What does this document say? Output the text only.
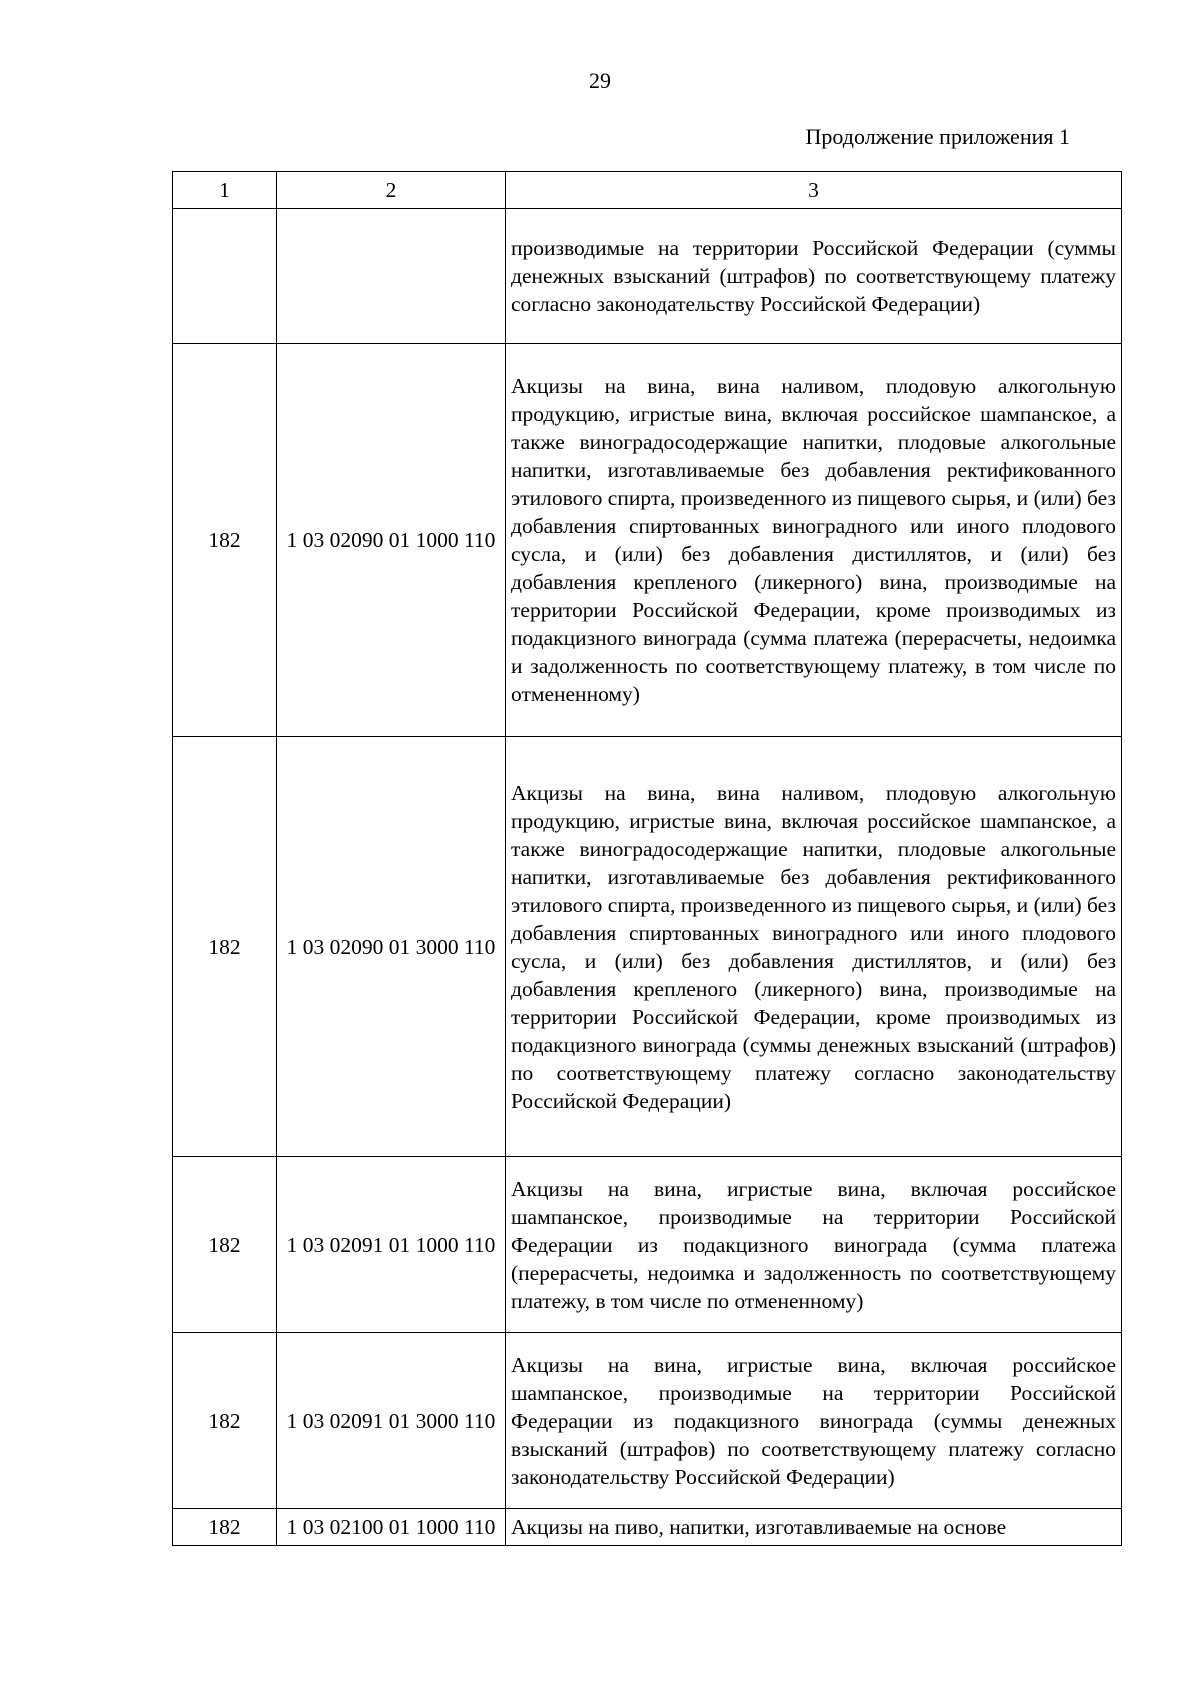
29
Продолжение приложения 1
1	2	3
		производимые на территории Российской Федерации (суммы денежных взысканий (штрафов) по соответствующему платежу согласно законодательству Российской Федерации)
182	1 03 02090 01 1000 110	Акцизы на вина, вина наливом, плодовую алкогольную продукцию, игристые вина, включая российское шампанское, а также виноградосодержащие напитки, плодовые алкогольные напитки, изготавливаемые без добавления ректификованного этилового спирта, произведенного из пищевого сырья, и (или) без добавления спиртованных виноградного или иного плодового сусла, и (или) без добавления дистиллятов, и (или) без добавления крепленого (ликерного) вина, производимые на территории Российской Федерации, кроме производимых из подакцизного винограда (сумма платежа (перерасчеты, недоимка и задолженность по соответствующему платежу, в том числе по отмененному)
182	1 03 02090 01 3000 110	Акцизы на вина, вина наливом, плодовую алкогольную продукцию, игристые вина, включая российское шампанское, а также виноградосодержащие напитки, плодовые алкогольные напитки, изготавливаемые без добавления ректификованного этилового спирта, произведенного из пищевого сырья, и (или) без добавления спиртованных виноградного или иного плодового сусла, и (или) без добавления дистиллятов, и (или) без добавления крепленого (ликерного) вина, производимые на территории Российской Федерации, кроме производимых из подакцизного винограда (суммы денежных взысканий (штрафов) по соответствующему платежу согласно законодательству Российской Федерации)
182	1 03 02091 01 1000 110	Акцизы на вина, игристые вина, включая российское шампанское, производимые на территории Российской Федерации из подакцизного винограда (сумма платежа (перерасчеты, недоимка и задолженность по соответствующему платежу, в том числе по отмененному)
182	1 03 02091 01 3000 110	Акцизы на вина, игристые вина, включая российское шампанское, производимые на территории Российской Федерации из подакцизного винограда (суммы денежных взысканий (штрафов) по соответствующему платежу согласно законодательству Российской Федерации)
182	1 03 02100 01 1000 110	Акцизы на пиво, напитки, изготавливаемые на основе
